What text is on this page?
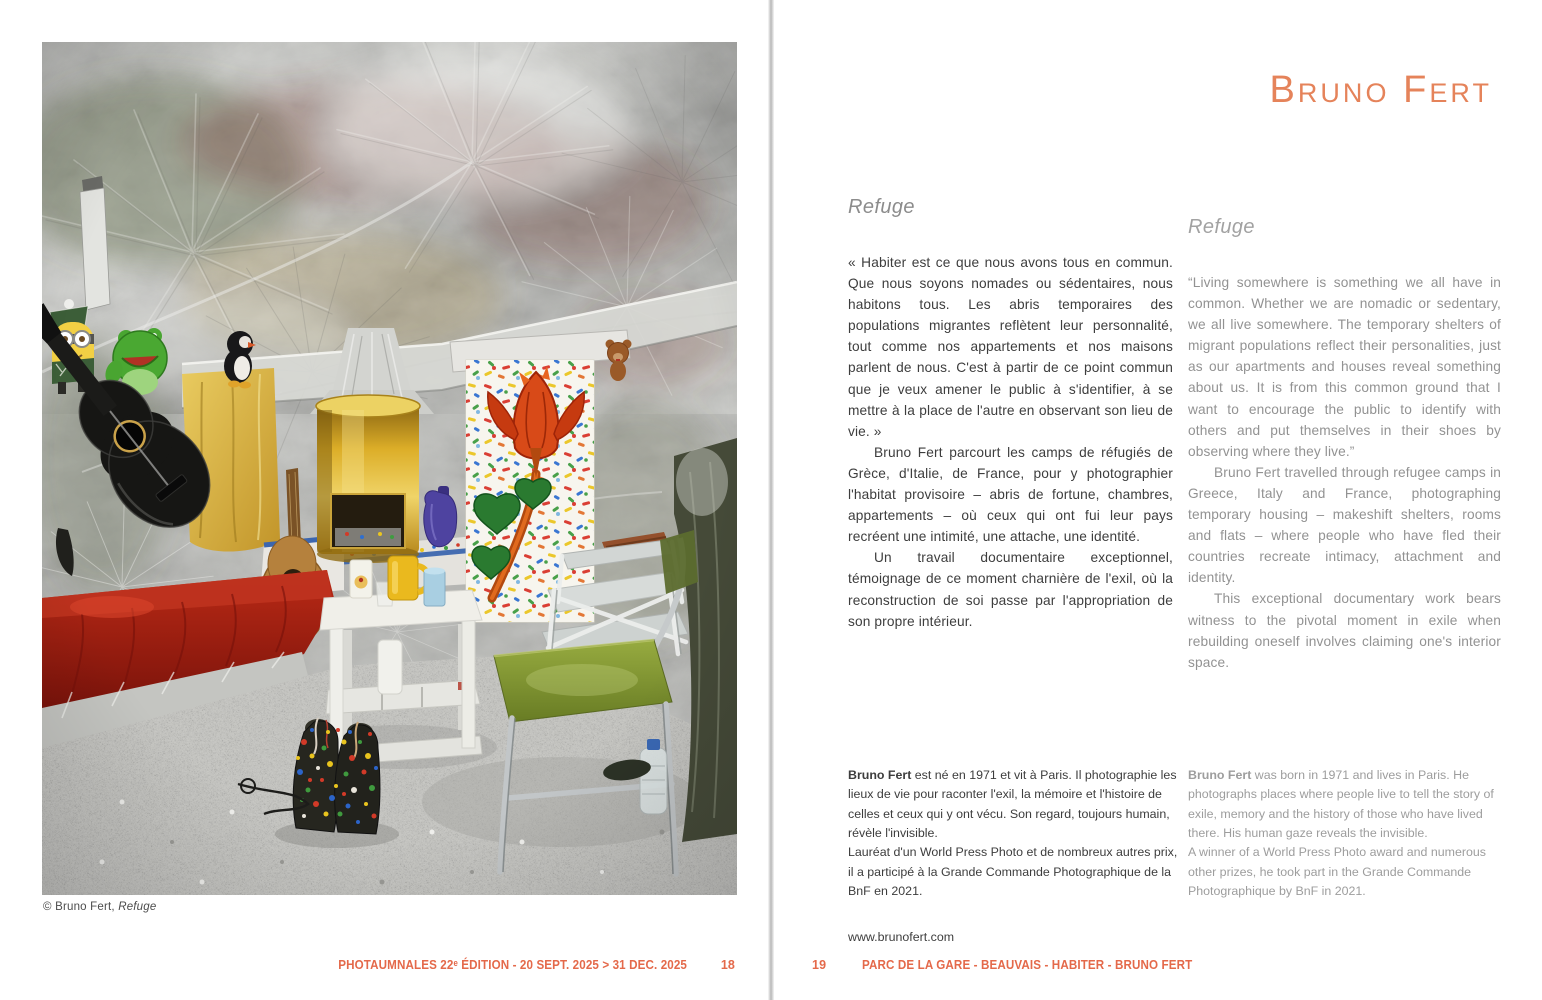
© Bruno Fert, Refuge
PHOTAUMNALES 22ᵉ ÉDITION - 20 SEPT. 2025 > 31 DEC. 2025	18
Bruno Fert
Refuge

« Habiter est ce que nous avons tous en commun. Que nous soyons nomades ou sédentaires, nous habitons tous. Les abris temporaires des populations migrantes reflètent leur personnalité, tout comme nos appartements et nos maisons parlent de nous. C'est à partir de ce point commun que je veux amener le public à s'identifier, à se mettre à la place de l'autre en observant son lieu de vie. »

Bruno Fert parcourt les camps de réfugiés de Grèce, d'Italie, de France, pour y photographier l'habitat provisoire – abris de fortune, chambres, appartements – où ceux qui ont fui leur pays recréent une intimité, une attache, une identité.

Un travail documentaire exceptionnel, témoignage de ce moment charnière de l'exil, où la reconstruction de soi passe par l'appropriation de son propre intérieur.

Refuge

“Living somewhere is something we all have in common. Whether we are nomadic or sedentary, we all live somewhere. The temporary shelters of migrant populations reflect their personalities, just as our apartments and houses reveal something about us. It is from this common ground that I want to encourage the public to identify with others and put themselves in their shoes by observing where they live.”

Bruno Fert travelled through refugee camps in Greece, Italy and France, photographing temporary housing – makeshift shelters, rooms and flats – where people who have fled their countries recreate intimacy, attachment and identity.

This exceptional documentary work bears witness to the pivotal moment in exile when rebuilding oneself involves claiming one's interior space.

Bruno Fert est né en 1971 et vit à Paris. Il photographie les lieux de vie pour raconter l'exil, la mémoire et l'histoire de celles et ceux qui y ont vécu. Son regard, toujours humain, révèle l'invisible.

Lauréat d'un World Press Photo et de nombreux autres prix, il a participé à la Grande Commande Photographique de la BnF en 2021.

www.brunofert.com

Bruno Fert was born in 1971 and lives in Paris. He photographs places where people live to tell the story of exile, memory and the history of those who have lived there. His human gaze reveals the invisible.

A winner of a World Press Photo award and numerous other prizes, he took part in the Grande Commande Photographique by BnF in 2021.

19	PARC DE LA GARE - BEAUVAIS - HABITER - BRUNO FERT
